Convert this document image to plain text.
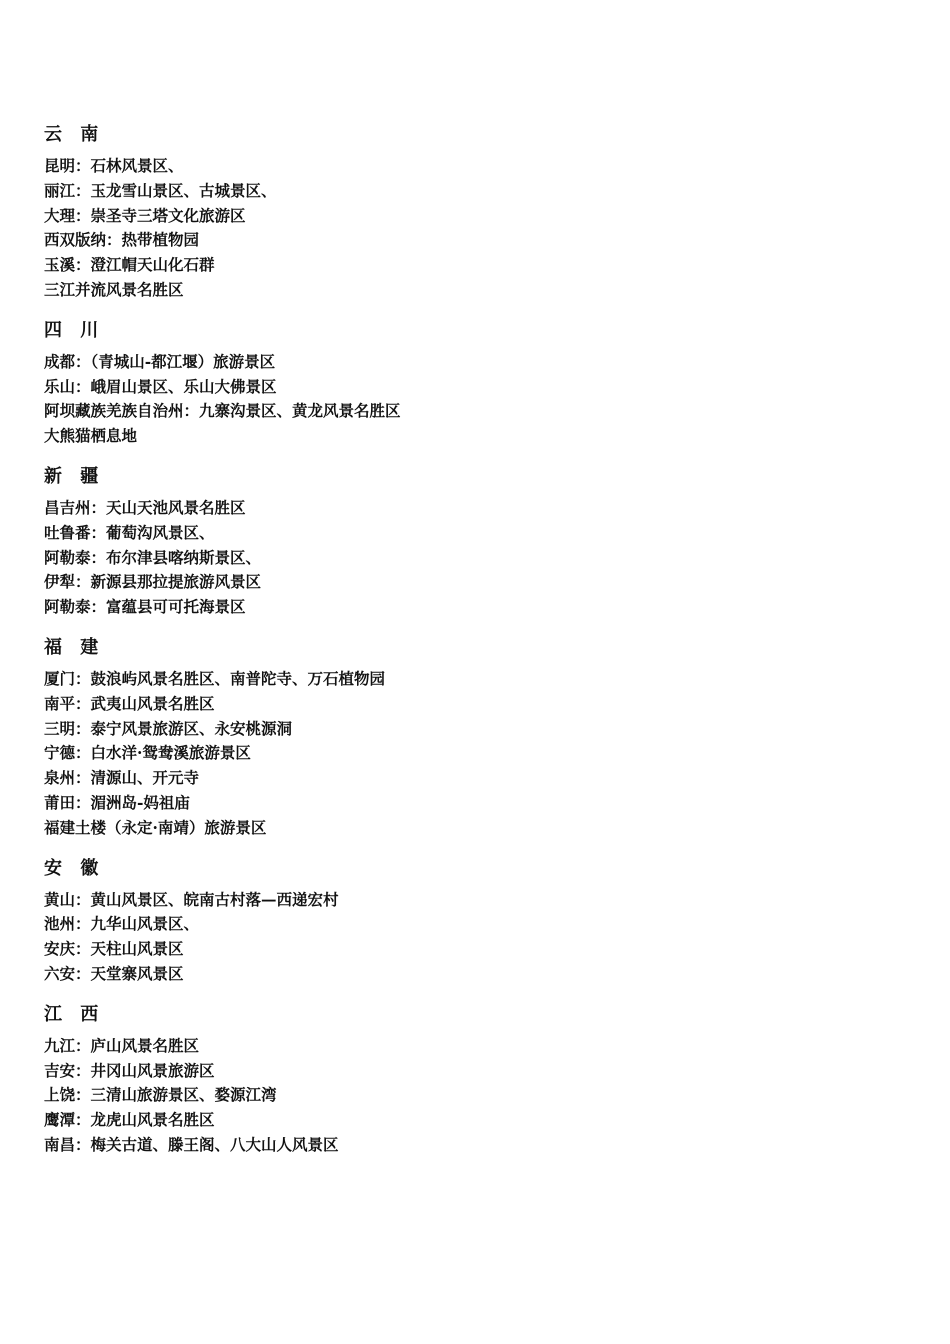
云 南
昆明：石林风景区、
丽江：玉龙雪山景区、古城景区、
大理：崇圣寺三塔文化旅游区
西双版纳：热带植物园
玉溪：澄江帽天山化石群
三江并流风景名胜区
四 川
成都：（青城山-都江堰）旅游景区
乐山：峨眉山景区、乐山大佛景区
阿坝藏族羌族自治州：九寨沟景区、黄龙风景名胜区
大熊猫栖息地
新 疆
昌吉州：天山天池风景名胜区
吐鲁番：葡萄沟风景区、
阿勒泰：布尔津县喀纳斯景区、
伊犁：新源县那拉提旅游风景区
阿勒泰：富蕴县可可托海景区
福 建
厦门：鼓浪屿风景名胜区、南普陀寺、万石植物园
南平：武夷山风景名胜区
三明：泰宁风景旅游区、永安桃源洞
宁德：白水洋·鸳鸯溪旅游景区
泉州：清源山、开元寺
莆田：湄洲岛-妈祖庙
福建土楼（永定·南靖）旅游景区
安 徽
黄山：黄山风景区、皖南古村落—西递宏村
池州：九华山风景区、
安庆：天柱山风景区
六安：天堂寨风景区
江 西
九江：庐山风景名胜区
吉安：井冈山风景旅游区
上饶：三清山旅游景区、婺源江湾
鹰潭：龙虎山风景名胜区
南昌：梅关古道、滕王阁、八大山人风景区
